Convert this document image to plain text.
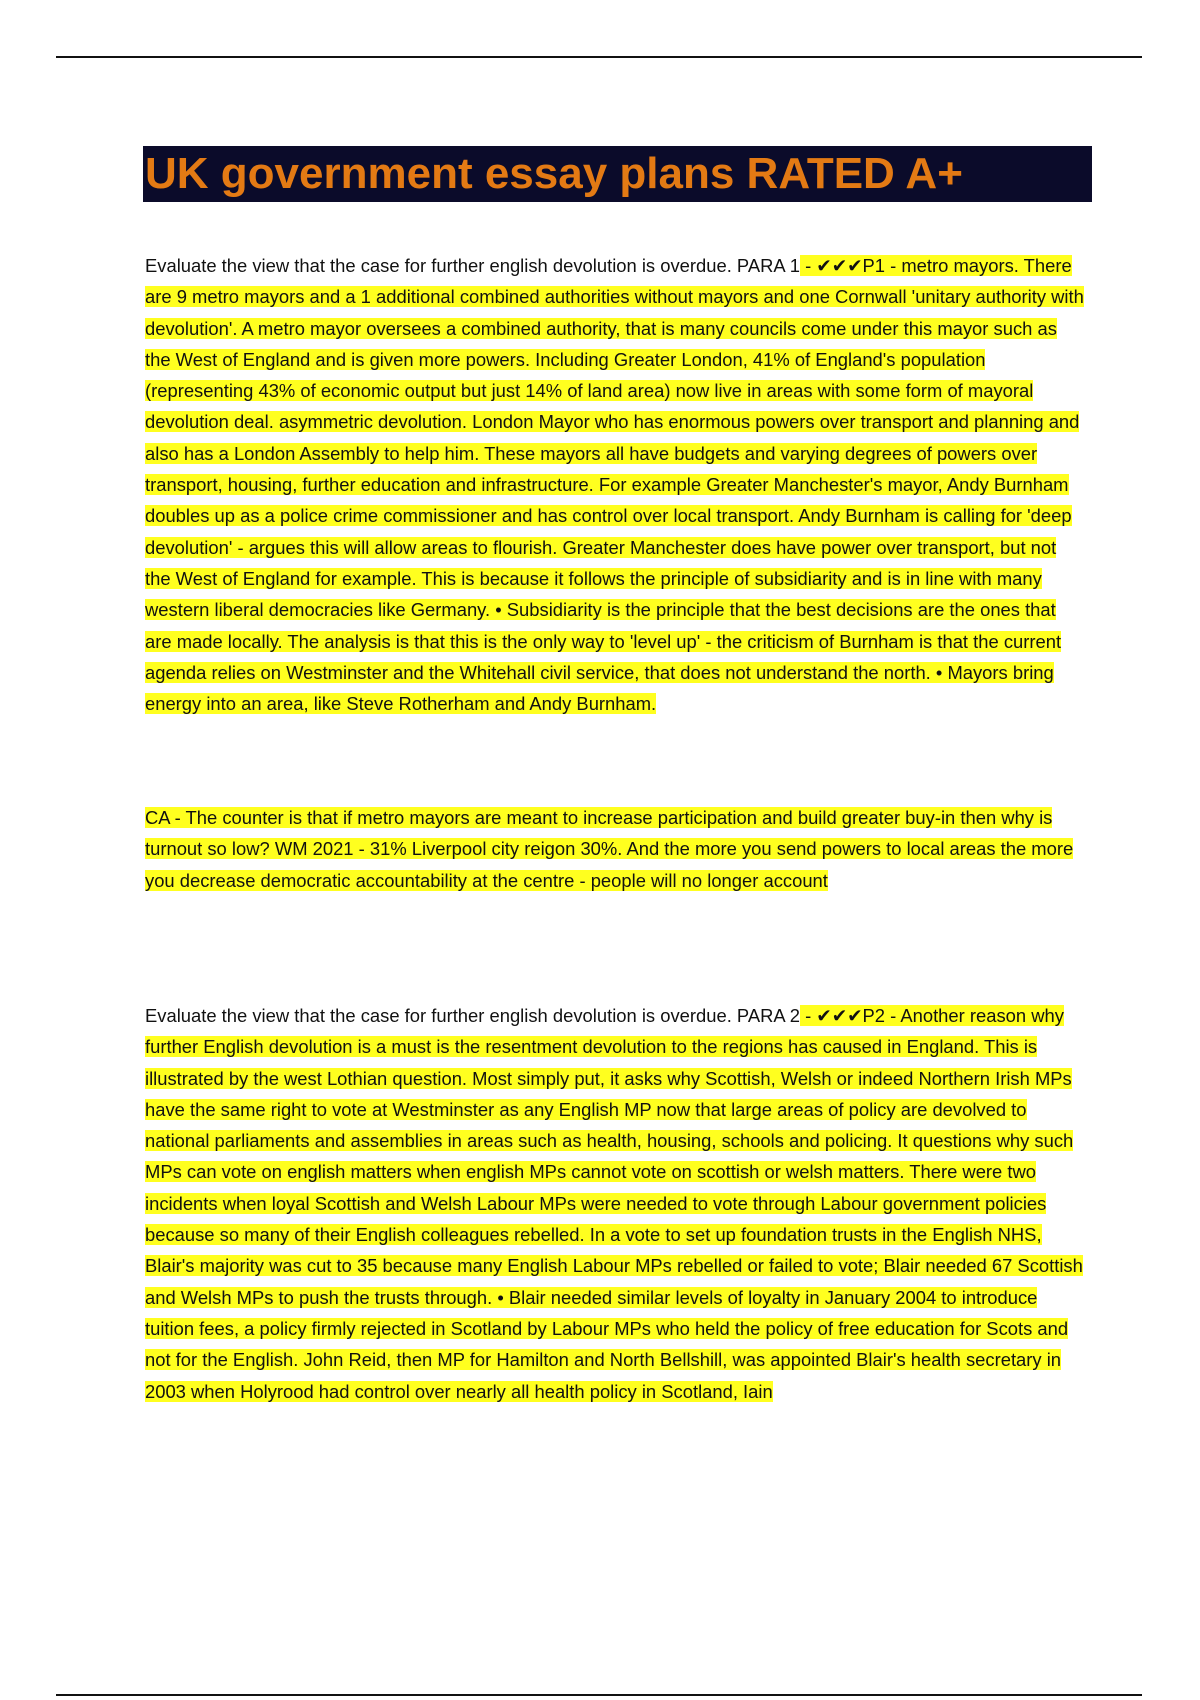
UK government essay plans RATED A+

Evaluate the view that the case for further english devolution is overdue. PARA 1 - ✔✔✔P1 - metro mayors. There are 9 metro mayors and a 1 additional combined authorities without mayors and one Cornwall 'unitary authority with devolution'. A metro mayor oversees a combined authority, that is many councils come under this mayor such as the West of England and is given more powers. Including Greater London, 41% of England's population (representing 43% of economic output but just 14% of land area) now live in areas with some form of mayoral devolution deal. asymmetric devolution. London Mayor who has enormous powers over transport and planning and also has a London Assembly to help him. These mayors all have budgets and varying degrees of powers over transport, housing, further education and infrastructure. For example Greater Manchester's mayor, Andy Burnham doubles up as a police crime commissioner and has control over local transport. Andy Burnham is calling for 'deep devolution' - argues this will allow areas to flourish. Greater Manchester does have power over transport, but not the West of England for example. This is because it follows the principle of subsidiarity and is in line with many western liberal democracies like Germany. • Subsidiarity is the principle that the best decisions are the ones that are made locally. The analysis is that this is the only way to 'level up' - the criticism of Burnham is that the current agenda relies on Westminster and the Whitehall civil service, that does not understand the north. • Mayors bring energy into an area, like Steve Rotherham and Andy Burnham.

CA - The counter is that if metro mayors are meant to increase participation and build greater buy-in then why is turnout so low? WM 2021 - 31% Liverpool city reigon 30%. And the more you send powers to local areas the more you decrease democratic accountability at the centre - people will no longer account

Evaluate the view that the case for further english devolution is overdue. PARA 2 - ✔✔✔P2 - Another reason why further English devolution is a must is the resentment devolution to the regions has caused in England. This is illustrated by the west Lothian question. Most simply put, it asks why Scottish, Welsh or indeed Northern Irish MPs have the same right to vote at Westminster as any English MP now that large areas of policy are devolved to national parliaments and assemblies in areas such as health, housing, schools and policing. It questions why such MPs can vote on english matters when english MPs cannot vote on scottish or welsh matters. There were two incidents when loyal Scottish and Welsh Labour MPs were needed to vote through Labour government policies because so many of their English colleagues rebelled. In a vote to set up foundation trusts in the English NHS, Blair's majority was cut to 35 because many English Labour MPs rebelled or failed to vote; Blair needed 67 Scottish and Welsh MPs to push the trusts through. • Blair needed similar levels of loyalty in January 2004 to introduce tuition fees, a policy firmly rejected in Scotland by Labour MPs who held the policy of free education for Scots and not for the English. John Reid, then MP for Hamilton and North Bellshill, was appointed Blair's health secretary in 2003 when Holyrood had control over nearly all health policy in Scotland, Iain
